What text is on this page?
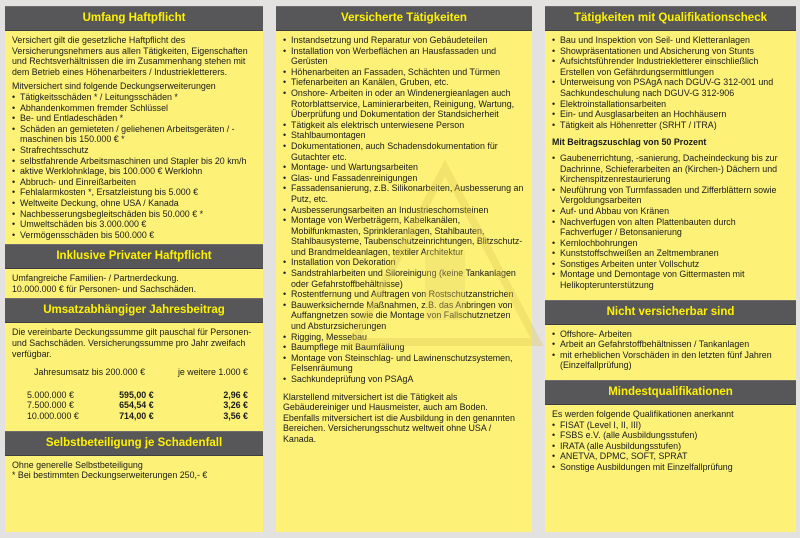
Umfang Haftpflicht

Versichert gilt die gesetzliche Haftpflicht des Versicherungsnehmers aus allen Tätigkeiten, Eigenschaften und Rechtsverhältnissen die im Zusammenhang stehen mit dem Betrieb eines Höhenarbeiters / Industriekletterers.

Mitversichert sind folgende Deckungserweiterungen
• Tätigkeitsschäden * / Leitungsschäden *
• Abhandenkommen fremder Schlüssel
• Be- und Entladeschäden *
• Schäden an gemieteten / geliehenen Arbeitsgeräten / -maschinen bis 150.000 € *
• Strafrechtsschutz
• selbstfahrende Arbeitsmaschinen und Stapler bis 20 km/h
• aktive Werklohnklage, bis 100.000 € Werklohn
• Abbruch- und Einreißarbeiten
• Fehlalarmkosten *, Ersatzleistung bis 5.000 €
• Weltweite Deckung, ohne USA / Kanada
• Nachbesserungsbegleitschäden bis 50.000 € *
• Umweltschäden bis 3.000.000 €
• Vermögensschäden bis 500.000 €
Inklusive Privater Haftpflicht
Umfangreiche Familien- / Partnerdeckung.
10.000.000 € für Personen- und Sachschäden.
Umsatzabhängiger Jahresbeitrag
Die vereinbarte Deckungssumme gilt pauschal für Personen- und Sachschäden. Versicherungssumme pro Jahr zweifach verfügbar.
Jahresumsatz bis 200.000 €		je weitere 1.000 €
5.000.000 €	595,00 €	2,96 €
7.500.000 €	654,54 €	3,26 €
10.000.000 €	714,00 €	3,56 €
Selbstbeteiligung je Schadenfall
Ohne generelle Selbstbeteiligung
* Bei bestimmten Deckungserweiterungen 250,- €
Versicherte Tätigkeiten
• Instandsetzung und Reparatur von Gebäudeteilen
• Installation von Werbeflächen an Hausfassaden und Gerüsten
• Höhenarbeiten an Fassaden, Schächten und Türmen
• Tiefenarbeiten an Kanälen, Gruben, etc.
• Onshore- Arbeiten in oder an Windenergieanlagen auch Rotorblattservice, Laminierarbeiten, Reinigung, Wartung, Überprüfung und Dokumentation der Standsicherheit
• Tätigkeit als elektrisch unterwiesene Person
• Stahlbaumontagen
• Dokumentationen, auch Schadensdokumentation für Gutachter etc.
• Montage- und Wartungsarbeiten
• Glas- und Fassadenreinigungen
• Fassadensanierung, z.B. Silikonarbeiten, Ausbesserung an Putz, etc.
• Ausbesserungsarbeiten an Industrieschornsteinen
• Montage von Werbeträgern, Kabelkanälen, Mobilfunkmasten, Sprinkleranlagen, Stahlbauten, Stahlbausysteme, Taubenschutzeinrichtungen, Blitzschutz- und Brandmeldeanlagen, textiler Architektur
• Installation von Dekoration
• Sandstrahlarbeiten und Siloreinigung (keine Tankanlagen oder Gefahrstoffbehältnisse)
• Rostentfernung und Auftragen von Rostschutzanstrichen
• Bauwerksichernde Maßnahmen, z.B. das Anbringen von Auffangnetzen sowie die Montage von Fallschutznetzen und Absturzsicherungen
• Rigging, Messebau
• Baumpflege mit Baumfällung
• Montage von Steinschlag- und Lawinenschutzsystemen, Felsenräumung
• Sachkundeprüfung von PSAgA

Klarstellend mitversichert ist die Tätigkeit als Gebäudereiniger und Hausmeister, auch am Boden. Ebenfalls mitversichert ist die Ausbildung in den genannten Bereichen. Versicherungsschutz weltweit ohne USA / Kanada.

Tätigkeiten mit Qualifikationscheck
• Bau und Inspektion von Seil- und Kletteranlagen
• Showpräsentationen und Absicherung von Stunts
• Aufsichtsführender Industriekletterer einschließlich Erstellen von Gefährdungsermittlungen
• Unterweisung von PSAgA nach DGUV-G 312-001 und Sachkundeschulung nach DGUV-G 312-906
• Elektroinstallationsarbeiten
• Ein- und Ausglasarbeiten an Hochhäusern
• Tätigkeit als Höhenretter (SRHT / ITRA)
Mit Beitragszuschlag von 50 Prozent
• Gaubenerrichtung, -sanierung, Dacheindeckung bis zur Dachrinne, Schieferarbeiten an (Kirchen-) Dächern und Kirchenspitzenrestaurierung
• Neuführung von Turmfassaden und Zifferblättern sowie Vergoldungsarbeiten
• Auf- und Abbau von Kränen
• Nachverfugen von alten Plattenbauten durch Fachverfuger / Betonsanierung
• Kernlochbohrungen
• Kunststoffschweißen an Zeltmembranen
• Sonstiges Arbeiten unter Vollschutz
• Montage und Demontage von Gittermasten mit Helikopterunterstützung
Nicht versicherbar sind
• Offshore- Arbeiten
• Arbeit an Gefahrstoffbehältnissen / Tankanlagen
• mit erheblichen Vorschäden in den letzten fünf Jahren (Einzelfallprüfung)
Mindestqualifikationen
Es werden folgende Qualifikationen anerkannt
• FISAT (Level I, II, III)
• FSBS e.V. (alle Ausbildungsstufen)
• IRATA (alle Ausbildungsstufen)
• ANETVA, DPMC, SOFT, SPRAT
• Sonstige Ausbildungen mit Einzelfallprüfung
